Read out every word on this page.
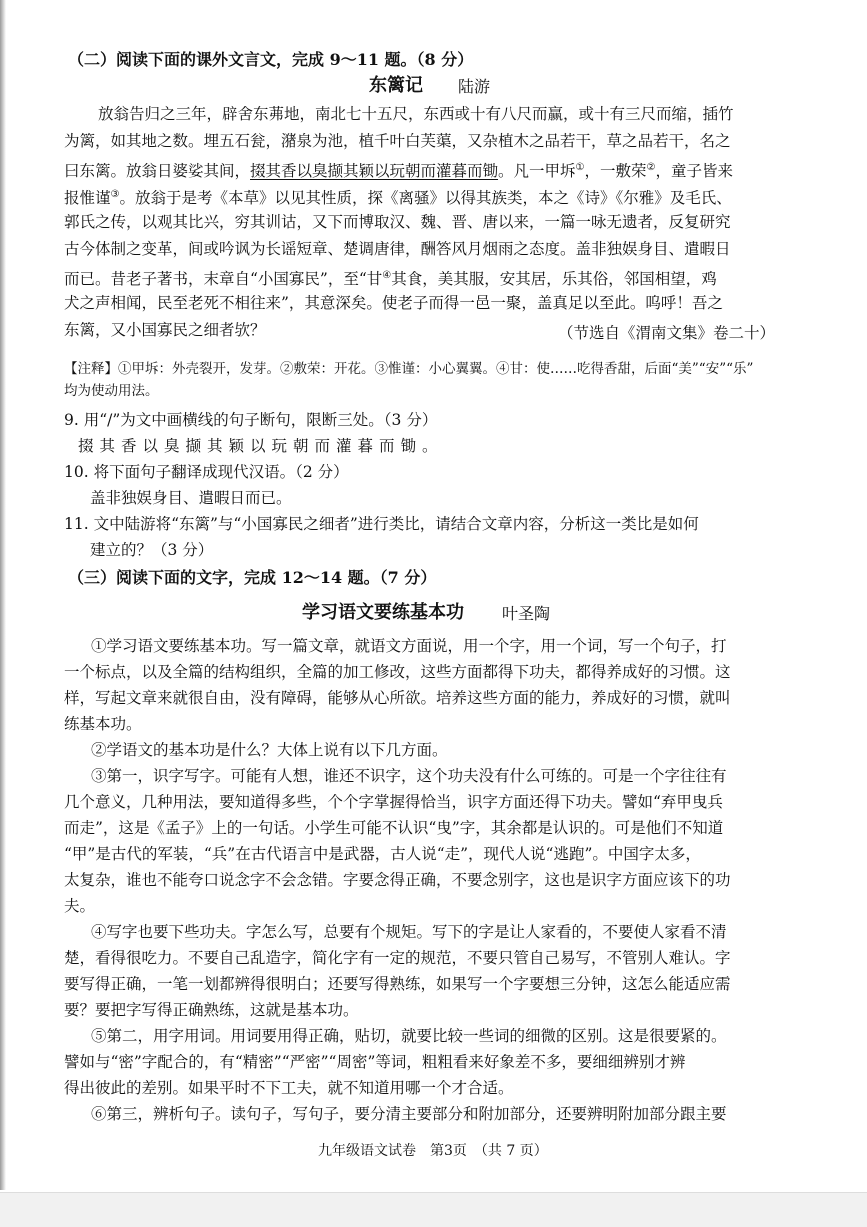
（二）阅读下面的课外文言文，完成 9～11 题。（8 分）
东篱记 陆游
放翁告归之三年，辟舍东茀地，南北七十五尺，东西或十有八尺而赢，或十有三尺而缩，插竹
为篱，如其地之数。埋五石瓮，潴泉为池，植千叶白芙蕖，又杂植木之品若干，草之品若干，名之
曰东篱。放翁日婆娑其间，掇其香以臭撷其颖以玩朝而灌暮而锄。凡一甲坼①，一敷荣②，童子皆来
报惟谨③。放翁于是考《本草》以见其性质，探《离骚》以得其族类，本之《诗》《尔雅》及毛氏、
郭氏之传，以观其比兴，穷其训诂，又下而博取汉、魏、晋、唐以来，一篇一咏无遗者，反复研究
古今体制之变革，间或吟讽为长谣短章、楚调唐律，酬答风月烟雨之态度。盖非独娱身目、遣暇日
而已。昔老子著书，末章自“小国寡民”，至“甘④其食，美其服，安其居，乐其俗，邻国相望，鸡
犬之声相闻，民至老死不相往来”，其意深矣。使老子而得一邑一聚，盖真足以至此。呜呼！吾之
东篱，又小国寡民之细者欤？	（节选自《渭南文集》卷二十）
【注释】①甲坼：外壳裂开，发芽。②敷荣：开花。③惟谨：小心翼翼。④甘：使……吃得香甜，后面“美”“安”“乐”
均为使动用法。
9. 用“/”为文中画横线的句子断句，限断三处。（3 分）
掇其香以臭撷其颖以玩朝而灌暮而锄。
10. 将下面句子翻译成现代汉语。（2 分）
盖非独娱身目、遣暇日而已。
11. 文中陆游将“东篱”与“小国寡民之细者”进行类比，请结合文章内容，分析这一类比是如何
建立的？（3 分）
（三）阅读下面的文字，完成 12～14 题。（7 分）
学习语文要练基本功 叶圣陶
①学习语文要练基本功。写一篇文章，就语文方面说，用一个字，用一个词，写一个句子，打
一个标点，以及全篇的结构组织，全篇的加工修改，这些方面都得下功夫，都得养成好的习惯。这
样，写起文章来就很自由，没有障碍，能够从心所欲。培养这些方面的能力，养成好的习惯，就叫
练基本功。
②学语文的基本功是什么？大体上说有以下几方面。
③第一，识字写字。可能有人想，谁还不识字，这个功夫没有什么可练的。可是一个字往往有
几个意义，几种用法，要知道得多些，个个字掌握得恰当，识字方面还得下功夫。譬如“弃甲曳兵
而走”，这是《孟子》上的一句话。小学生可能不认识“曳”字，其余都是认识的。可是他们不知道
“甲”是古代的军装，“兵”在古代语言中是武器，古人说“走”，现代人说“逃跑”。中国字太多，
太复杂，谁也不能夸口说念字不会念错。字要念得正确，不要念别字，这也是识字方面应该下的功
夫。
④写字也要下些功夫。字怎么写，总要有个规矩。写下的字是让人家看的，不要使人家看不清
楚，看得很吃力。不要自己乱造字，简化字有一定的规范，不要只管自己易写，不管别人难认。字
要写得正确，一笔一划都辨得很明白；还要写得熟练，如果写一个字要想三分钟，这怎么能适应需
要？要把字写得正确熟练，这就是基本功。
⑤第二，用字用词。用词要用得正确，贴切，就要比较一些词的细微的区别。这是很要紧的。
譬如与“密”字配合的，有“精密”“严密”“周密”等词，粗粗看来好象差不多，要细细辨别才辨
得出彼此的差别。如果平时不下工夫，就不知道用哪一个才合适。
⑥第三，辨析句子。读句子，写句子，要分清主要部分和附加部分，还要辨明附加部分跟主要
九年级语文试卷　第3页　（共 7 页）
